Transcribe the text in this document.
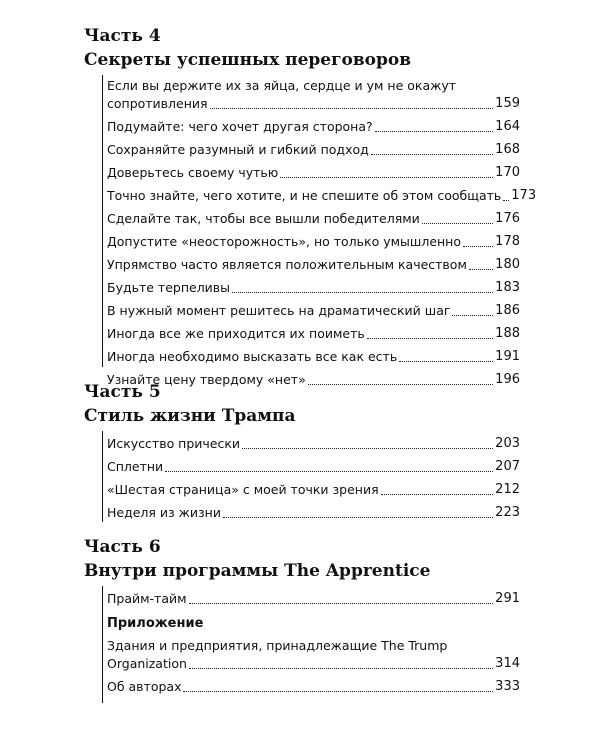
Часть 4
Секреты успешных переговоров
Если вы держите их за яйца, сердце и ум не окажут
сопротивления	159
Подумайте: чего хочет другая сторона?	164
Сохраняйте разумный и гибкий подход	168
Доверьтесь своему чутью	170
Точно знайте, чего хотите, и не спешите об этом сообщать 173
Сделайте так, чтобы все вышли победителями	176
Допустите «неосторожность», но только умышленно	178
Упрямство часто является положительным качеством 180
Будьте терпеливы	183
В нужный момент решитесь на драматический шаг	186
Иногда все же приходится их поиметь	188
Иногда необходимо высказать все как есть	191
Узнайте цену твердому «нет»	196
Часть 5
Стиль жизни Трампа
Искусство прически	203
Сплетни	207
«Шестая страница» с моей точки зрения	212
Неделя из жизни	223
Часть 6
Внутри программы The Apprentice
Прайм-тайм	291
Приложение
Здания и предприятия, принадлежащие The Trump
Organization	314
Об авторах	333
